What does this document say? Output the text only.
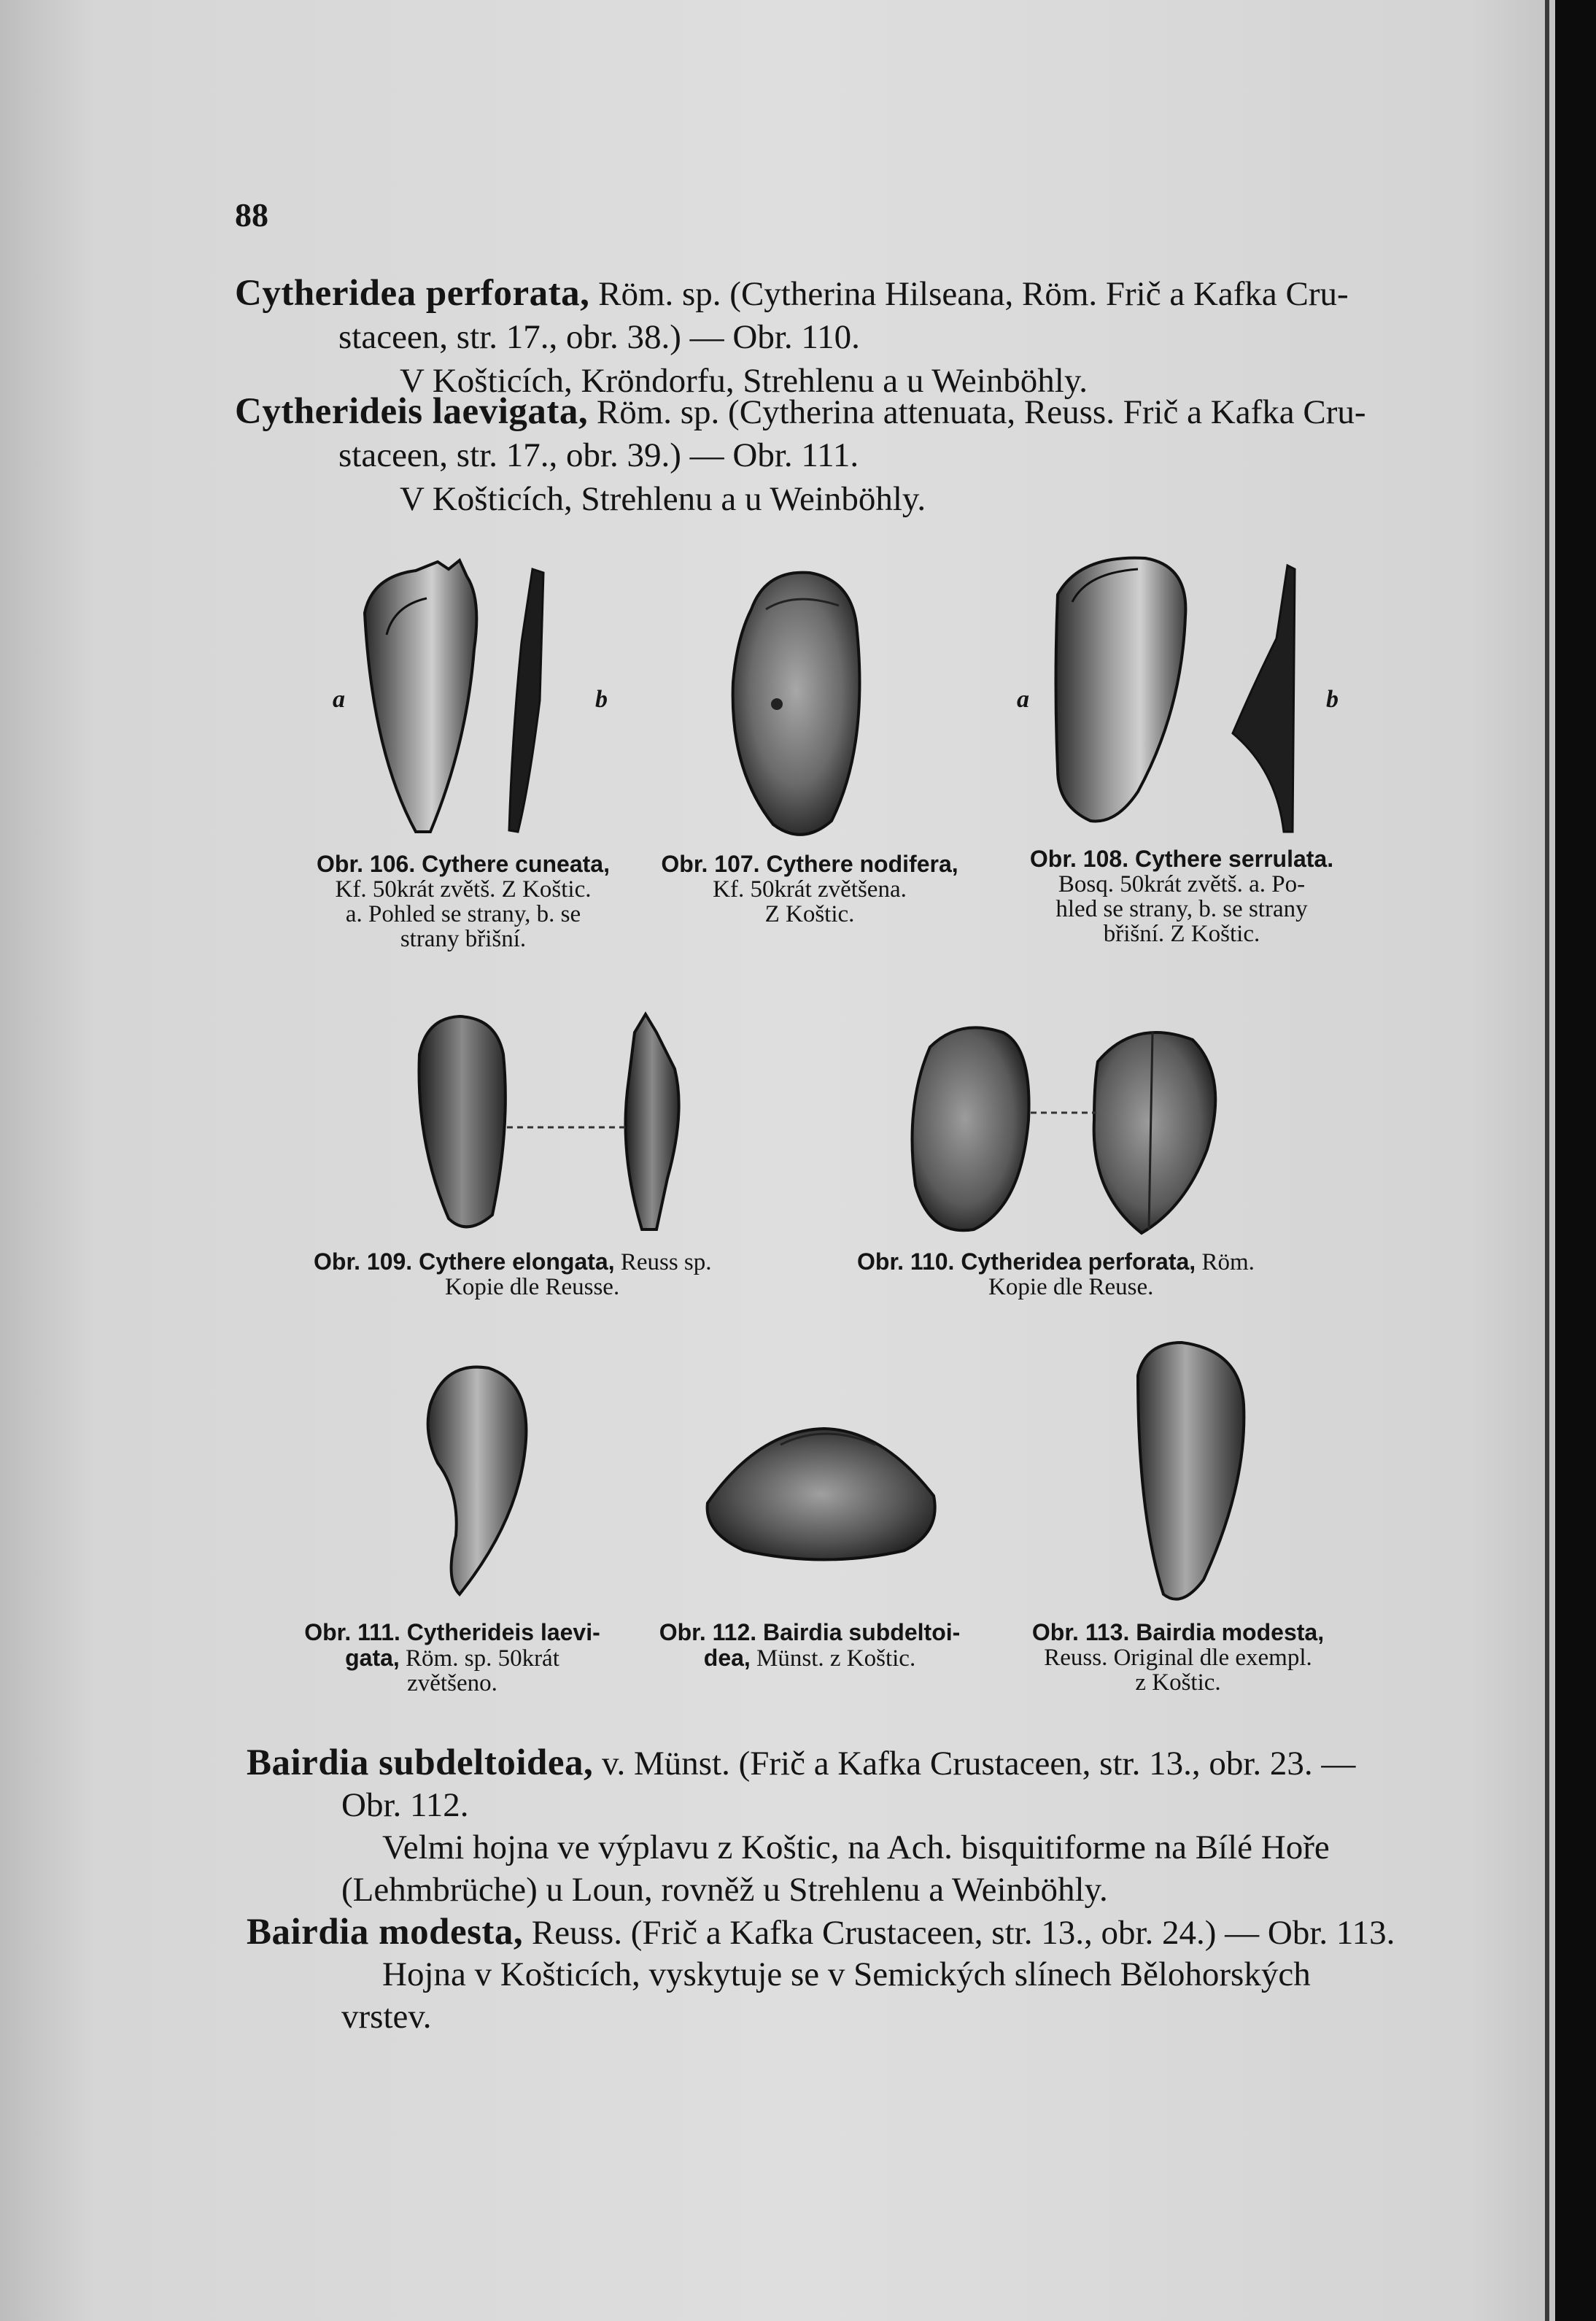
88
Cytheridea perforata, Röm. sp. (Cytherina Hilseana, Röm. Frič a Kafka Cru-
staceen, str. 17., obr. 38.) — Obr. 110.
V Košticích, Kröndorfu, Strehlenu a u Weinböhly.
Cytherideis laevigata, Röm. sp. (Cytherina attenuata, Reuss. Frič a Kafka Cru-
staceen, str. 17., obr. 39.) — Obr. 111.
V Košticích, Strehlenu a u Weinböhly.
a	b	a	b
Obr. 106. Cythere cuneata,
Kf. 50krát zvětš. Z Koštic.
a. Pohled se strany, b. se
strany břišní.
Obr. 107. Cythere nodifera,
Kf. 50krát zvětšena.
Z Koštic.
Obr. 108. Cythere serrulata.
Bosq. 50krát zvětš. a. Po-
hled se strany, b. se strany
břišní. Z Koštic.
Obr. 109. Cythere elongata, Reuss sp.
Kopie dle Reusse.
Obr. 110. Cytheridea perforata, Röm.
Kopie dle Reuse.
Obr. 111. Cytherideis laevi-
gata, Röm. sp. 50krát
zvětšeno.
Obr. 112. Bairdia subdeltoi-
dea, Münst. z Koštic.
Obr. 113. Bairdia modesta,
Reuss. Original dle exempl.
z Koštic.
Bairdia subdeltoidea, v. Münst. (Frič a Kafka Crustaceen, str. 13., obr. 23. —
Obr. 112.
Velmi hojna ve výplavu z Koštic, na Ach. bisquitiforme na Bílé Hoře
(Lehmbrüche) u Loun, rovněž u Strehlenu a Weinböhly.
Bairdia modesta, Reuss. (Frič a Kafka Crustaceen, str. 13., obr. 24.) — Obr. 113.
Hojna v Košticích, vyskytuje se v Semických slínech Bělohorských
vrstev.
